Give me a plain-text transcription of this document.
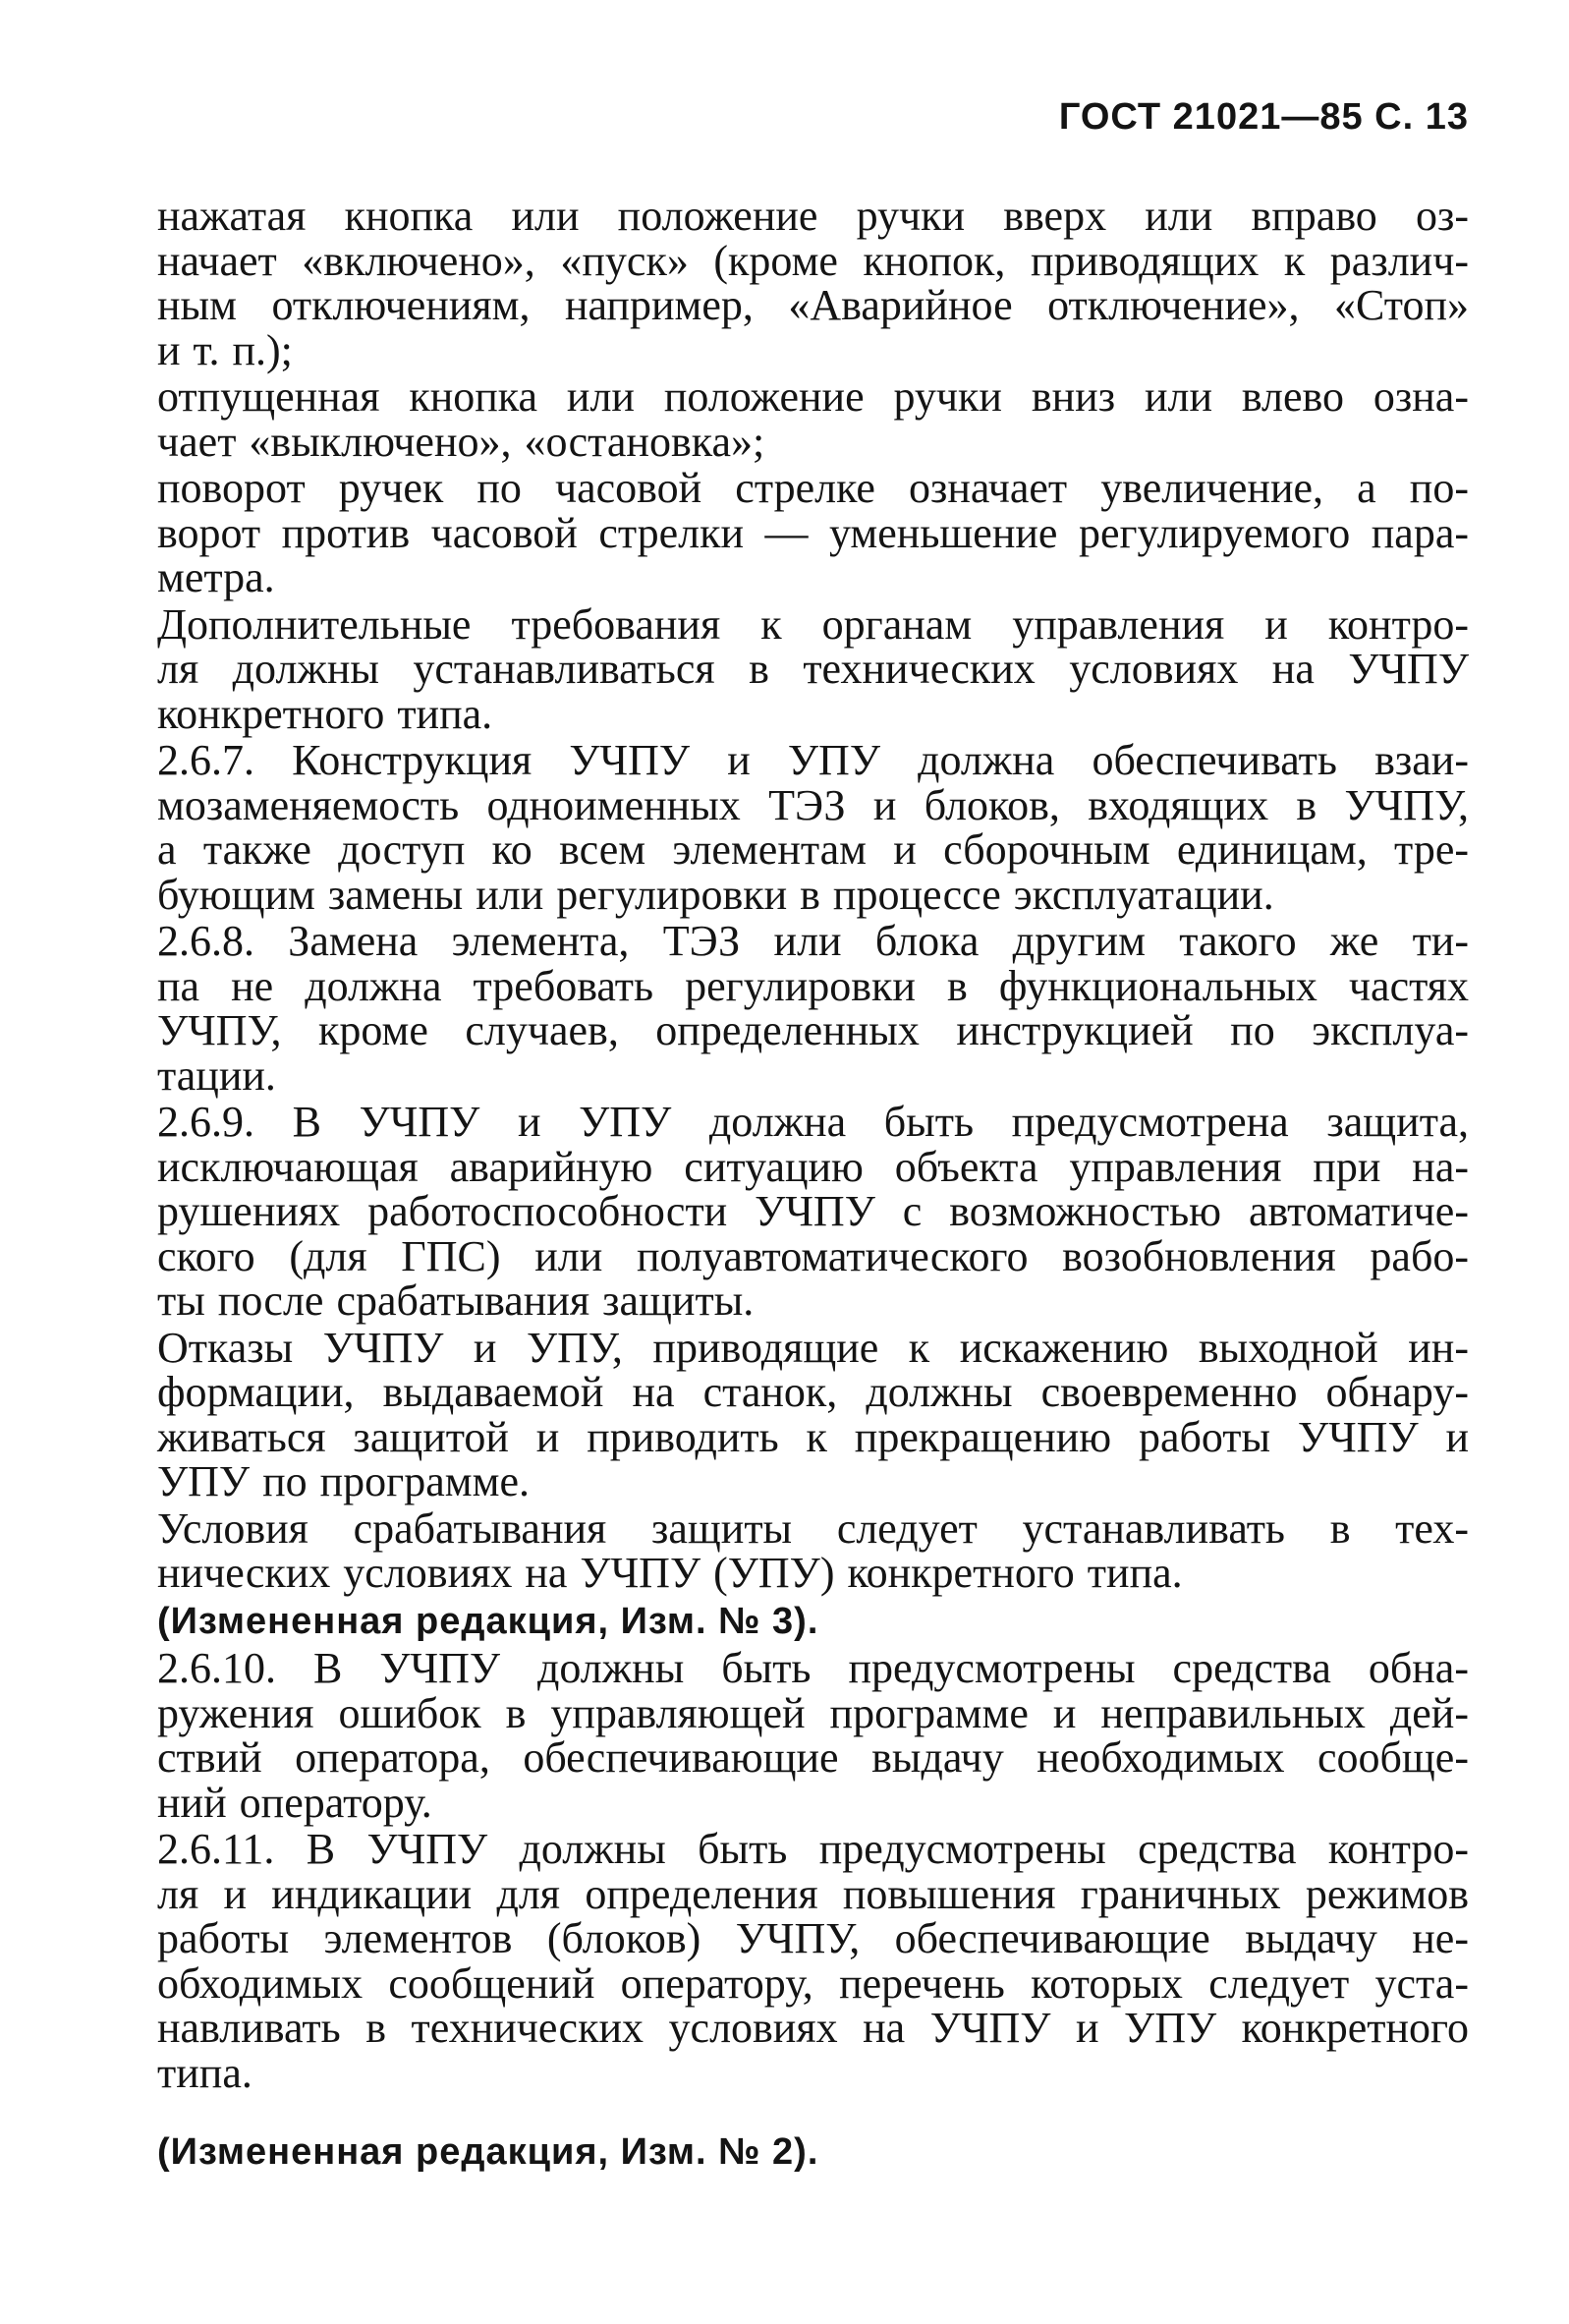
ГОСТ 21021—85 С. 13

нажатая кнопка или положение ручки вверх или вправо оз-
начает «включено», «пуск» (кроме кнопок, приводящих к различ-
ным отключениям, например, «Аварийное отключение», «Стоп»
и т. п.);

отпущенная кнопка или положение ручки вниз или влево озна-
чает «выключено», «остановка»;

поворот ручек по часовой стрелке означает увеличение, а по-
ворот против часовой стрелки — уменьшение регулируемого пара-
метра.

Дополнительные требования к органам управления и контро-
ля должны устанавливаться в технических условиях на УЧПУ
конкретного типа.

2.6.7. Конструкция УЧПУ и УПУ должна обеспечивать взаи-
мозаменяемость одноименных ТЭЗ и блоков, входящих в УЧПУ,
а также доступ ко всем элементам и сборочным единицам, тре-
бующим замены или регулировки в процессе эксплуатации.

2.6.8. Замена элемента, ТЭЗ или блока другим такого же ти-
па не должна требовать регулировки в функциональных частях
УЧПУ, кроме случаев, определенных инструкцией по эксплуа-
тации.

2.6.9. В УЧПУ и УПУ должна быть предусмотрена защита,
исключающая аварийную ситуацию объекта управления при на-
рушениях работоспособности УЧПУ с возможностью автоматиче-
ского (для ГПС) или полуавтоматического возобновления рабо-
ты после срабатывания защиты.

Отказы УЧПУ и УПУ, приводящие к искажению выходной ин-
формации, выдаваемой на станок, должны своевременно обнару-
живаться защитой и приводить к прекращению работы УЧПУ и
УПУ по программе.

Условия срабатывания защиты следует устанавливать в тех-
нических условиях на УЧПУ (УПУ) конкретного типа.

(Измененная редакция, Изм. № 3).

2.6.10. В УЧПУ должны быть предусмотрены средства обна-
ружения ошибок в управляющей программе и неправильных дей-
ствий оператора, обеспечивающие выдачу необходимых сообще-
ний оператору.

2.6.11. В УЧПУ должны быть предусмотрены средства контро-
ля и индикации для определения повышения граничных режимов
работы элементов (блоков) УЧПУ, обеспечивающие выдачу не-
обходимых сообщений оператору, перечень которых следует уста-
навливать в технических условиях на УЧПУ и УПУ конкретного
типа.

(Измененная редакция, Изм. № 2).
